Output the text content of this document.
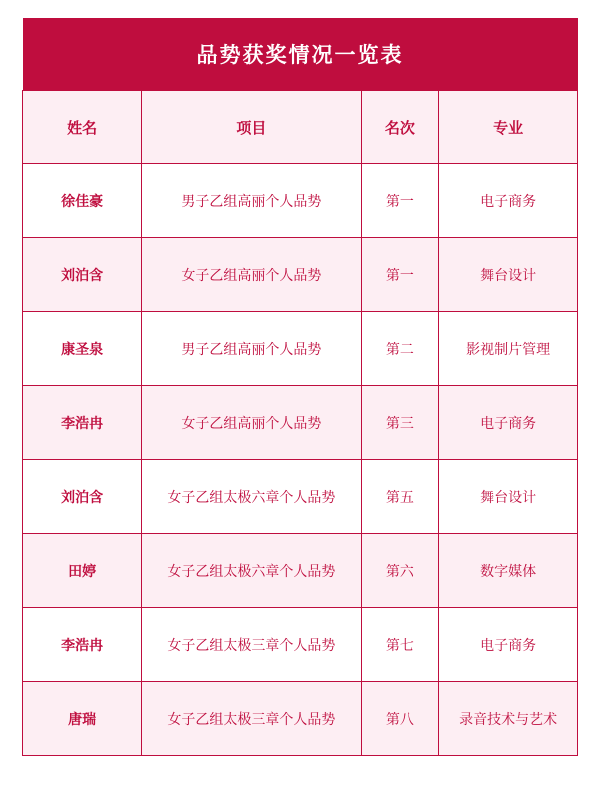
品势获奖情况一览表			
姓名	项目	名次	专业
徐佳豪	男子乙组高丽个人品势	第一	电子商务
刘泊含	女子乙组高丽个人品势	第一	舞台设计
康圣泉	男子乙组高丽个人品势	第二	影视制片管理
李浩冉	女子乙组高丽个人品势	第三	电子商务
刘泊含	女子乙组太极六章个人品势	第五	舞台设计
田婷	女子乙组太极六章个人品势	第六	数字媒体
李浩冉	女子乙组太极三章个人品势	第七	电子商务
唐瑞	女子乙组太极三章个人品势	第八	录音技术与艺术
